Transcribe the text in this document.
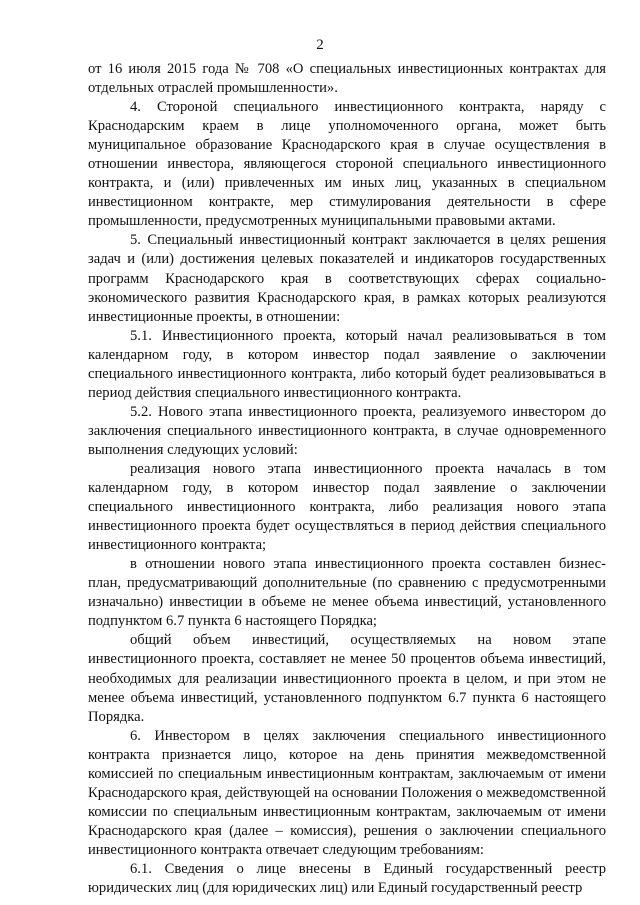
2

от 16 июля 2015 года № 708 «О специальных инвестиционных контрактах для отдельных отраслей промышленности».

4. Стороной специального инвестиционного контракта, наряду с Краснодарским краем в лице уполномоченного органа, может быть муниципальное образование Краснодарского края в случае осуществления в отношении инвестора, являющегося стороной специального инвестиционного контракта, и (или) привлеченных им иных лиц, указанных в специальном инвестиционном контракте, мер стимулирования деятельности в сфере промышленности, предусмотренных муниципальными правовыми актами.

5. Специальный инвестиционный контракт заключается в целях решения задач и (или) достижения целевых показателей и индикаторов государственных программ Краснодарского края в соответствующих сферах социально-экономического развития Краснодарского края, в рамках которых реализуются инвестиционные проекты, в отношении:

5.1. Инвестиционного проекта, который начал реализовываться в том календарном году, в котором инвестор подал заявление о заключении специального инвестиционного контракта, либо который будет реализовываться в период действия специального инвестиционного контракта.

5.2. Нового этапа инвестиционного проекта, реализуемого инвестором до заключения специального инвестиционного контракта, в случае одновременного выполнения следующих условий:

реализация нового этапа инвестиционного проекта началась в том календарном году, в котором инвестор подал заявление о заключении специального инвестиционного контракта, либо реализация нового этапа инвестиционного проекта будет осуществляться в период действия специального инвестиционного контракта;

в отношении нового этапа инвестиционного проекта составлен бизнес-план, предусматривающий дополнительные (по сравнению с предусмотренными изначально) инвестиции в объеме не менее объема инвестиций, установленного подпунктом 6.7 пункта 6 настоящего Порядка;

общий объем инвестиций, осуществляемых на новом этапе инвестиционного проекта, составляет не менее 50 процентов объема инвестиций, необходимых для реализации инвестиционного проекта в целом, и при этом не менее объема инвестиций, установленного подпунктом 6.7 пункта 6 настоящего Порядка.

6. Инвестором в целях заключения специального инвестиционного контракта признается лицо, которое на день принятия межведомственной комиссией по специальным инвестиционным контрактам, заключаемым от имени Краснодарского края, действующей на основании Положения о межведомственной комиссии по специальным инвестиционным контрактам, заключаемым от имени Краснодарского края (далее – комиссия), решения о заключении специального инвестиционного контракта отвечает следующим требованиям:

6.1. Сведения о лице внесены в Единый государственный реестр юридических лиц (для юридических лиц) или Единый государственный реестр
